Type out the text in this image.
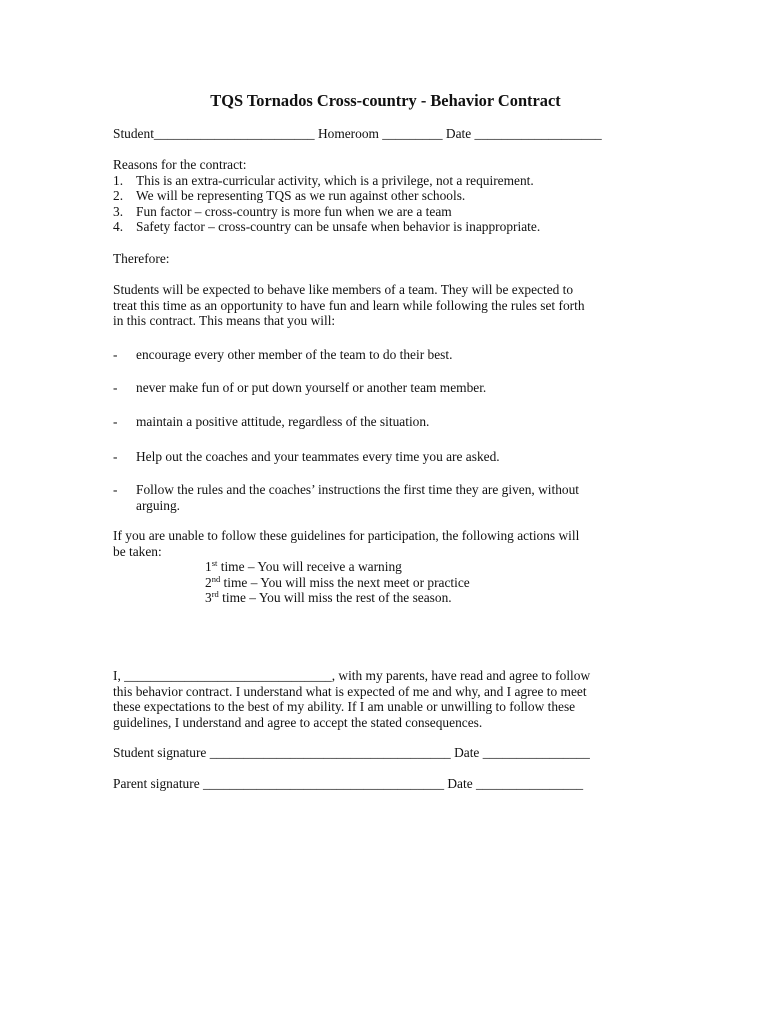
TQS Tornados Cross-country - Behavior Contract
Student________________________ Homeroom _________ Date ___________________
Reasons for the contract:
1. This is an extra-curricular activity, which is a privilege, not a requirement.
2. We will be representing TQS as we run against other schools.
3. Fun factor – cross-country is more fun when we are a team
4. Safety factor – cross-country can be unsafe when behavior is inappropriate.
Therefore:
Students will be expected to behave like members of a team. They will be expected to
treat this time as an opportunity to have fun and learn while following the rules set forth
in this contract. This means that you will:
-	encourage every other member of the team to do their best.
-	never make fun of or put down yourself or another team member.
-	maintain a positive attitude, regardless of the situation.
-	Help out the coaches and your teammates every time you are asked.
-	Follow the rules and the coaches’ instructions the first time they are given, without
arguing.
If you are unable to follow these guidelines for participation, the following actions will
be taken:
1st time – You will receive a warning
2nd time – You will miss the next meet or practice
3rd time – You will miss the rest of the season.
I, _______________________________, with my parents, have read and agree to follow
this behavior contract. I understand what is expected of me and why, and I agree to meet
these expectations to the best of my ability. If I am unable or unwilling to follow these
guidelines, I understand and agree to accept the stated consequences.
Student signature ____________________________________ Date ________________
Parent signature ____________________________________ Date ________________
